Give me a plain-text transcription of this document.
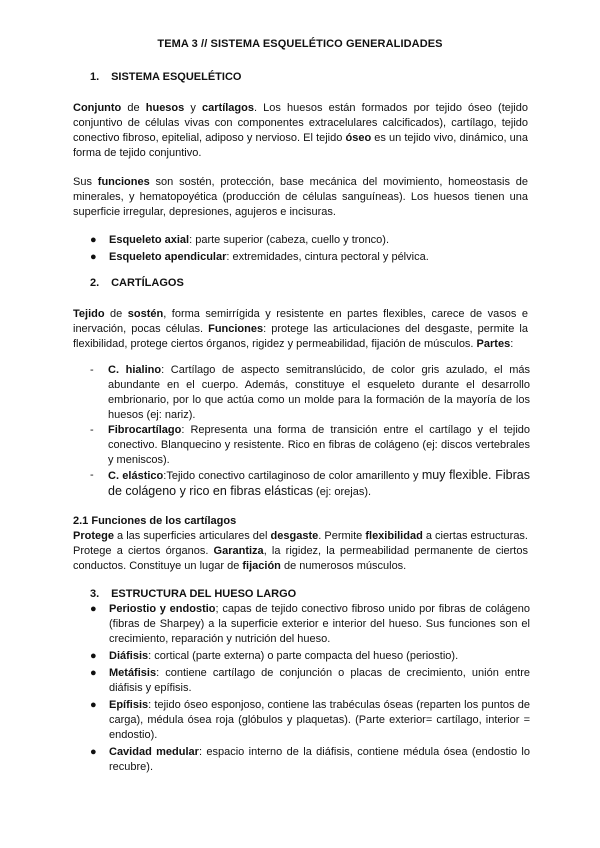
TEMA 3 // SISTEMA ESQUELÉTICO GENERALIDADES
1. SISTEMA ESQUELÉTICO
Conjunto de huesos y cartílagos. Los huesos están formados por tejido óseo (tejido conjuntivo de células vivas con componentes extracelulares calcificados), cartílago, tejido conectivo fibroso, epitelial, adiposo y nervioso. El tejido óseo es un tejido vivo, dinámico, una forma de tejido conjuntivo.
Sus funciones son sostén, protección, base mecánica del movimiento, homeostasis de minerales, y hematopoyética (producción de células sanguíneas). Los huesos tienen una superficie irregular, depresiones, agujeros e incisuras.
● Esqueleto axial: parte superior (cabeza, cuello y tronco).
● Esqueleto apendicular: extremidades, cintura pectoral y pélvica.
2. CARTÍLAGOS
Tejido de sostén, forma semirrígida y resistente en partes flexibles, carece de vasos e inervación, pocas células. Funciones: protege las articulaciones del desgaste, permite la flexibilidad, protege ciertos órganos, rigidez y permeabilidad, fijación de músculos. Partes:
- C. hialino: Cartílago de aspecto semitranslúcido, de color gris azulado, el más abundante en el cuerpo. Además, constituye el esqueleto durante el desarrollo embrionario, por lo que actúa como un molde para la formación de la mayoría de los huesos (ej: nariz).
- Fibrocartílago: Representa una forma de transición entre el cartílago y el tejido conectivo. Blanquecino y resistente. Rico en fibras de colágeno (ej: discos vertebrales y meniscos).
- C. elástico:Tejido conectivo cartilaginoso de color amarillento y muy flexible. Fibras de colágeno y rico en fibras elásticas (ej: orejas).
2.1 Funciones de los cartílagos
Protege a las superficies articulares del desgaste. Permite flexibilidad a ciertas estructuras. Protege a ciertos órganos. Garantiza, la rigidez, la permeabilidad permanente de ciertos conductos. Constituye un lugar de fijación de numerosos músculos.
3. ESTRUCTURA DEL HUESO LARGO
● Periostio y endostio; capas de tejido conectivo fibroso unido por fibras de colágeno (fibras de Sharpey) a la superficie exterior e interior del hueso. Sus funciones son el crecimiento, reparación y nutrición del hueso.
● Diáfisis: cortical (parte externa) o parte compacta del hueso (periostio).
● Metáfisis: contiene cartílago de conjunción o placas de crecimiento, unión entre diáfisis y epífisis.
● Epífisis: tejido óseo esponjoso, contiene las trabéculas óseas (reparten los puntos de carga), médula ósea roja (glóbulos y plaquetas). (Parte exterior= cartílago, interior = endostio).
● Cavidad medular: espacio interno de la diáfisis, contiene médula ósea (endostio lo recubre).
